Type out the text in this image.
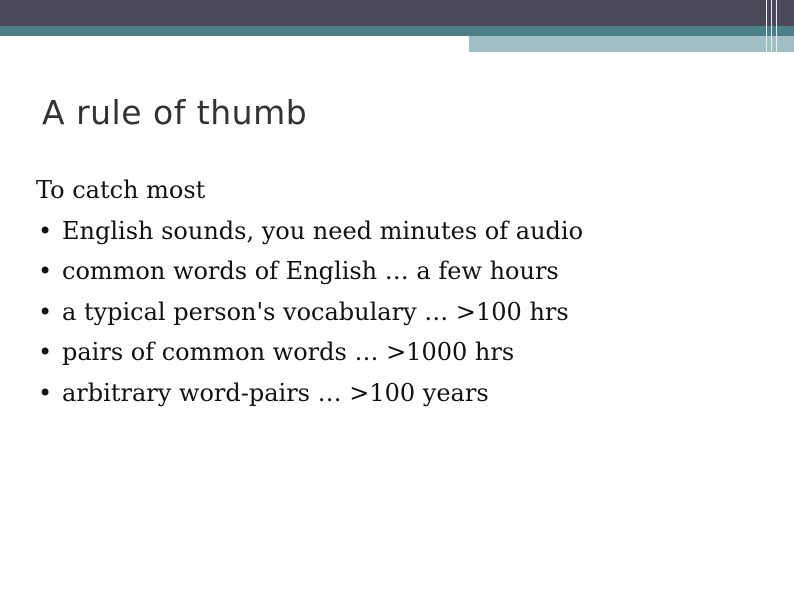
A rule of thumb
To catch most
• English sounds, you need minutes of audio
• common words of English … a few hours
• a typical person's vocabulary … >100 hrs
• pairs of common words … >1000 hrs
• arbitrary word-pairs … >100 years
